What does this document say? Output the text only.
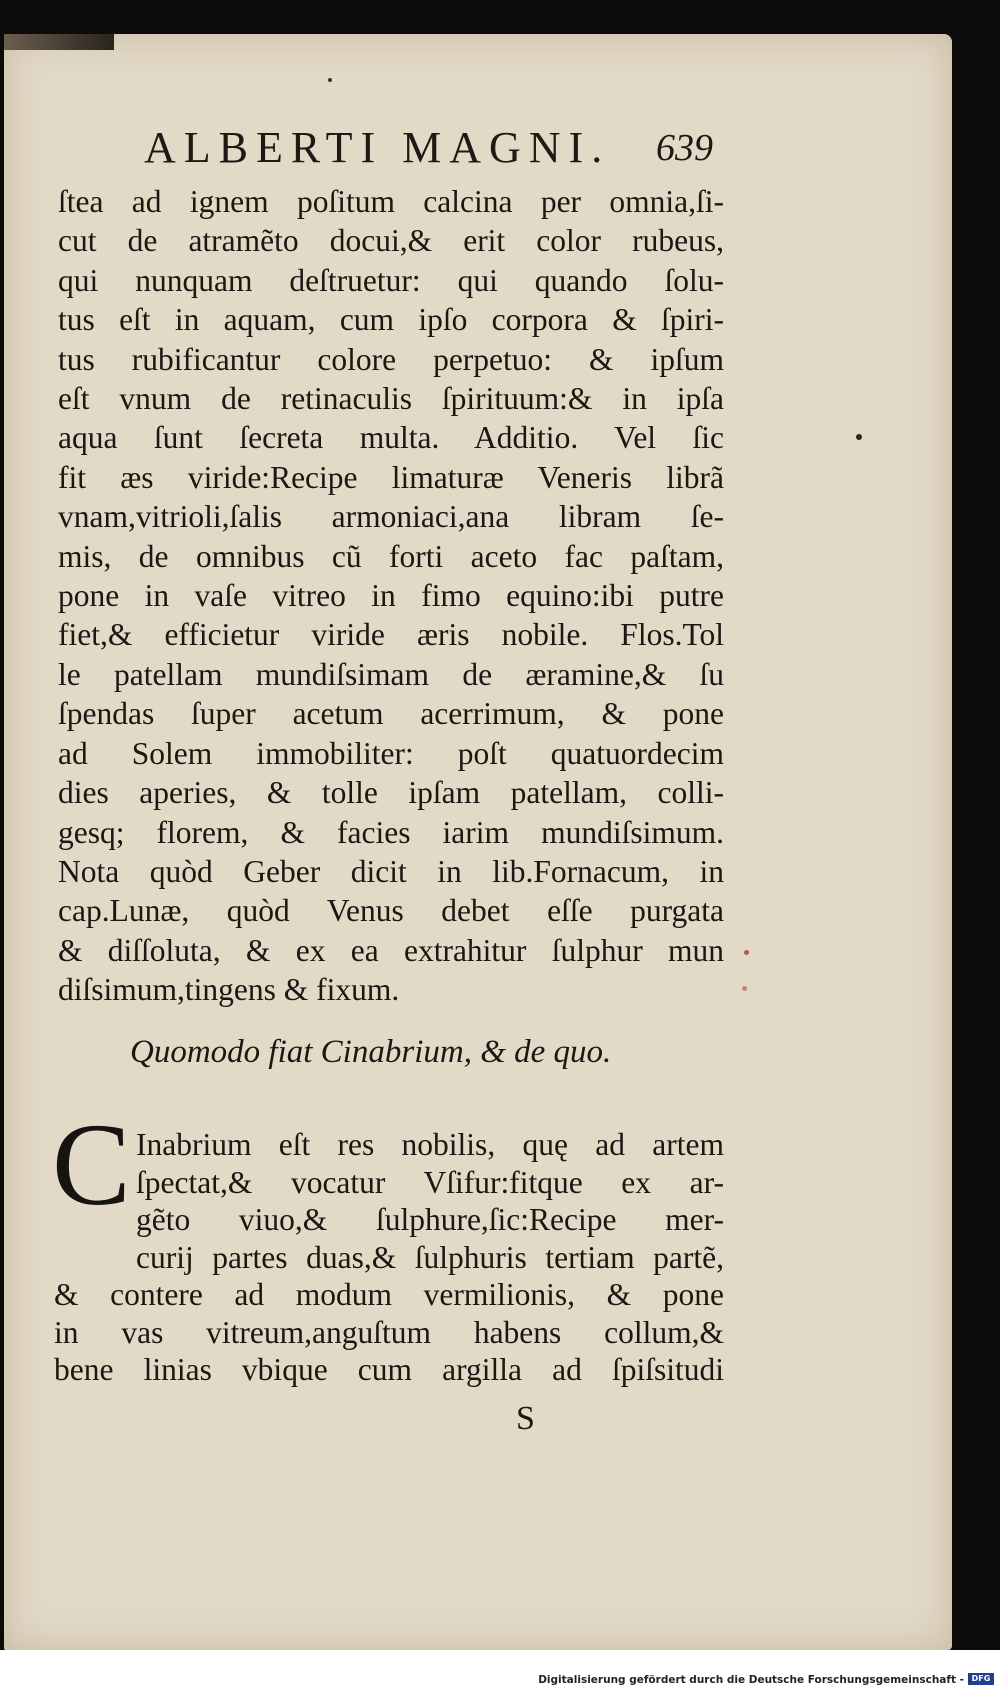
ALBERTI MAGNI. 639
ſtea ad ignem poſitum calcina per omnia,ſi-
cut de atramẽto docui,& erit color rubeus,
qui nunquam deſtruetur: qui quando ſolu-
tus eſt in aquam, cum ipſo corpora & ſpiri-
tus rubificantur colore perpetuo: & ipſum
eſt vnum de retinaculis ſpirituum:& in ipſa
aqua ſunt ſecreta multa. Additio. Vel ſic
fit æs viride:Recipe limaturæ Veneris librã
vnam,vitrioli,ſalis armoniaci,ana libram ſe-
mis, de omnibus cũ forti aceto fac paſtam,
pone in vaſe vitreo in fimo equino:ibi putre
fiet,& efficietur viride æris nobile. Flos.Tol
le patellam mundiſsimam de æramine,& ſu
ſpendas ſuper acetum acerrimum, & pone
ad Solem immobiliter: poſt quatuordecim
dies aperies, & tolle ipſam patellam, colli-
gesq; florem, & facies iarim mundiſsimum.
Nota quòd Geber dicit in lib.Fornacum, in
cap.Lunæ, quòd Venus debet eſſe purgata
& diſſoluta, & ex ea extrahitur ſulphur mun
diſsimum,tingens & fixum.
Quomodo fiat Cinabrium, & de quo.
C Inabrium eſt res nobilis, quę ad artem
ſpectat,& vocatur Vſifur:fitque ex ar-
gẽto viuo,& ſulphure,ſic:Recipe mer-
curij partes duas,& ſulphuris tertiam partẽ,
& contere ad modum vermilionis, & pone
in vas vitreum,anguſtum habens collum,&
bene linias vbique cum argilla ad ſpiſsitudi
S
Digitalisierung gefördert durch die Deutsche Forschungsgemeinschaft - DFG
